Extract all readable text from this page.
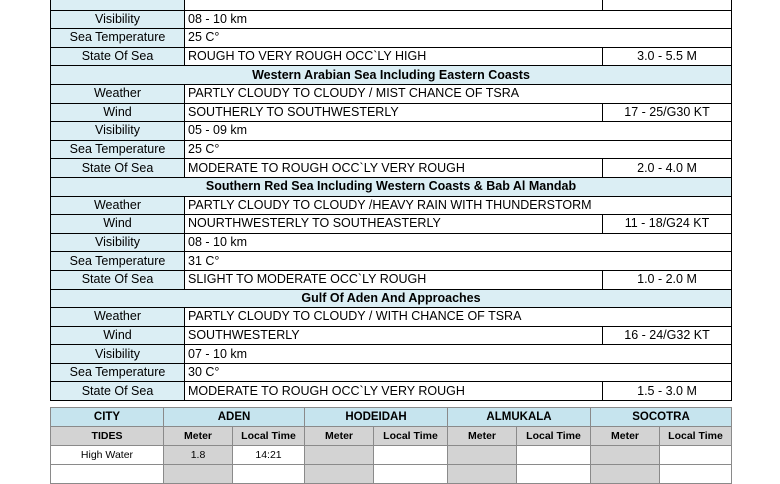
Visibility	08 - 10 km	
Sea Temperature	25 C°	
State Of Sea	ROUGH TO VERY ROUGH OCC`LY HIGH	3.0 - 5.5 M
Western Arabian Sea Including Eastern Coasts		
Weather	PARTLY CLOUDY TO CLOUDY / MIST CHANCE OF TSRA	
Wind	SOUTHERLY TO SOUTHWESTERLY	17 - 25/G30 KT
Visibility	05 - 09 km	
Sea Temperature	25 C°	
State Of Sea	MODERATE TO ROUGH OCC`LY VERY ROUGH	2.0 - 4.0 M
Southern Red Sea Including Western Coasts & Bab Al Mandab		
Weather	PARTLY CLOUDY TO CLOUDY /HEAVY RAIN WITH THUNDERSTORM	
Wind	NOURTHWESTERLY TO SOUTHEASTERLY	11 - 18/G24 KT
Visibility	08 - 10 km	
Sea Temperature	31 C°	
State Of Sea	SLIGHT TO MODERATE OCC`LY ROUGH	1.0 - 2.0 M
Gulf Of Aden And Approaches		
Weather	PARTLY CLOUDY TO CLOUDY / WITH CHANCE OF TSRA	
Wind	SOUTHWESTERLY	16 - 24/G32 KT
Visibility	07 - 10 km	
Sea Temperature	30 C°	
State Of Sea	MODERATE TO ROUGH OCC`LY VERY ROUGH	1.5 - 3.0 M
CITY	ADEN		HODEIDAH		ALMUKALA		SOCOTRA	
TIDES	Meter	Local Time	Meter	Local Time	Meter	Local Time	Meter	Local Time
High Water	1.8	14:21						
